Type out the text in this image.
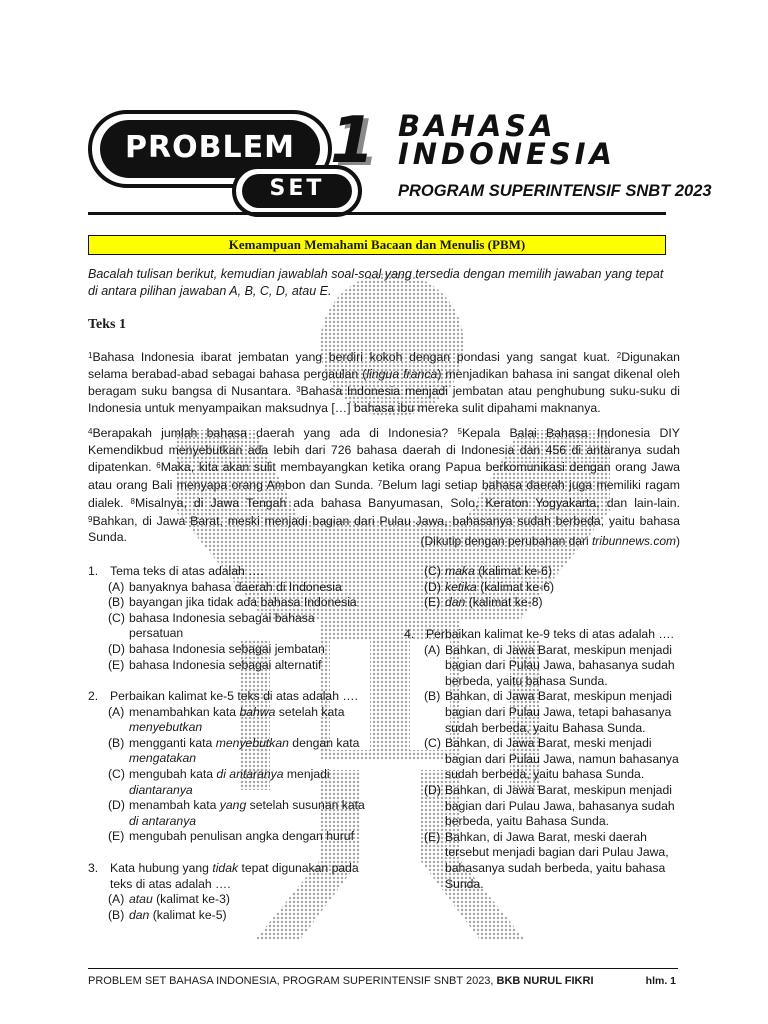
PROBLEM
SET
1 BAHASA
INDONESIA
PROGRAM SUPERINTENSIF SNBT 2023
Kemampuan Memahami Bacaan dan Menulis (PBM)
Bacalah tulisan berikut, kemudian jawablah soal-soal yang tersedia dengan memilih jawaban yang tepat di antara pilihan jawaban A, B, C, D, atau E.
Teks 1
$^1$Bahasa Indonesia ibarat jembatan yang berdiri kokoh dengan pondasi yang sangat kuat. $^2$Digunakan selama berabad-abad sebagai bahasa pergaulan (lingua franca) menjadikan bahasa ini sangat dikenal oleh beragam suku bangsa di Nusantara. $^3$Bahasa Indonesia menjadi jembatan atau penghubung suku-suku di Indonesia untuk menyampaikan maksudnya […] bahasa ibu mereka sulit dipahami maknanya.
$^4$Berapakah jumlah bahasa daerah yang ada di Indonesia? $^5$Kepala Balai Bahasa Indonesia DIY Kemendikbud menyebutkan ada lebih dari 726 bahasa daerah di Indonesia dan 456 di antaranya sudah dipatenkan. $^6$Maka, kita akan sulit membayangkan ketika orang Papua berkomunikasi dengan orang Jawa atau orang Bali menyapa orang Ambon dan Sunda. $^7$Belum lagi setiap bahasa daerah juga memiliki ragam dialek. $^8$Misalnya, di Jawa Tengah ada bahasa Banyumasan, Solo, Keraton Yogyakarta, dan lain-lain. $^9$Bahkan, di Jawa Barat, meski menjadi bagian dari Pulau Jawa, bahasanya sudah berbeda, yaitu bahasa Sunda.	(Dikutip dengan perubahan dari tribunnews.com)
1. Tema teks di atas adalah ….
(A) banyaknya bahasa daerah di Indonesia
(B) bayangan jika tidak ada bahasa Indonesia
(C) bahasa Indonesia sebagai bahasa persatuan
(D) bahasa Indonesia sebagai jembatan
(E) bahasa Indonesia sebagai alternatif
2. Perbaikan kalimat ke-5 teks di atas adalah ….
(A) menambahkan kata bahwa setelah kata menyebutkan
(B) mengganti kata menyebutkan dengan kata mengatakan
(C) mengubah kata di antaranya menjadi diantaranya
(D) menambah kata yang setelah susunan kata di antaranya
(E) mengubah penulisan angka dengan huruf
3. Kata hubung yang tidak tepat digunakan pada teks di atas adalah ….
(A) atau (kalimat ke-3)
(B) dan (kalimat ke-5)
(C) maka (kalimat ke-6)
(D) ketika (kalimat ke-6)
(E) dan (kalimat ke-8)
4. Perbaikan kalimat ke-9 teks di atas adalah ….
(A) Bahkan, di Jawa Barat, meskipun menjadi bagian dari Pulau Jawa, bahasanya sudah berbeda, yaitu bahasa Sunda.
(B) Bahkan, di Jawa Barat, meskipun menjadi bagian dari Pulau Jawa, tetapi bahasanya sudah berbeda, yaitu Bahasa Sunda.
(C) Bahkan, di Jawa Barat, meski menjadi bagian dari Pulau Jawa, namun bahasanya sudah berbeda, yaitu bahasa Sunda.
(D) Bahkan, di Jawa Barat, meskipun menjadi bagian dari Pulau Jawa, bahasanya sudah berbeda, yaitu Bahasa Sunda.
(E) Bahkan, di Jawa Barat, meski daerah tersebut menjadi bagian dari Pulau Jawa, bahasanya sudah berbeda, yaitu bahasa Sunda.
PROBLEM SET BAHASA INDONESIA, PROGRAM SUPERINTENSIF SNBT 2023, BKB NURUL FIKRI	hlm. 1
